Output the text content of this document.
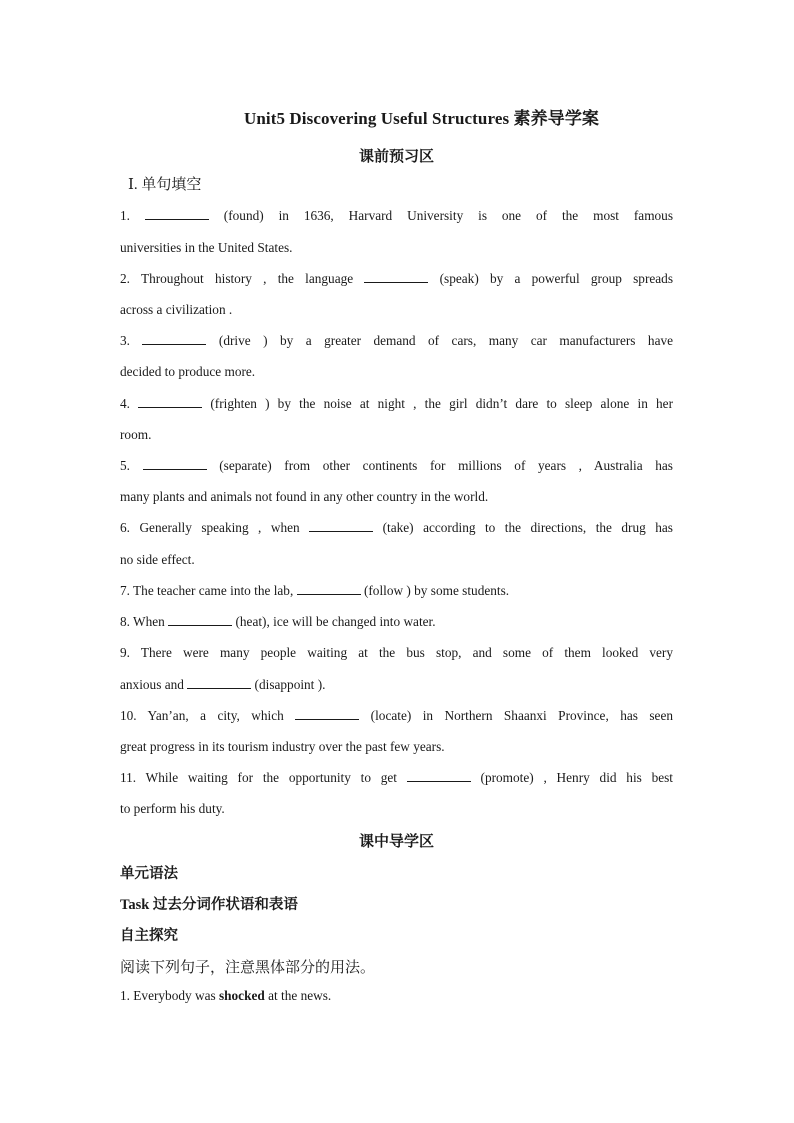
Unit5 Discovering Useful Structures 素养导学案
课前预习区
Ⅰ. 单句填空
1.	(found) in 1636, Harvard University is one of the most famous
universities in the United States.
2. Throughout history , the language	(speak) by a powerful group spreads
across a civilization .
3.	(drive ) by a greater demand of cars, many car manufacturers have
decided to produce more.
4.	(frighten ) by the noise at night , the girl didn’t dare to sleep alone in her
room.
5.	(separate) from other continents for millions of years , Australia has
many plants and animals not found in any other country in the world.
6. Generally speaking , when	(take) according to the directions, the drug has
no side effect.
7. The teacher came into the lab,	(follow ) by some students.
8. When	(heat), ice will be changed into water.
9. There were many people waiting at the bus stop, and some of them looked very
anxious and	(disappoint ).
10. Yan’an, a city, which	(locate) in Northern Shaanxi Province, has seen
great progress in its tourism industry over the past few years.
11. While waiting for the opportunity to get	(promote) , Henry did his best
to perform his duty.
课中导学区
单元语法
Task 过去分词作状语和表语
自主探究
阅读下列句子，注意黑体部分的用法。
1. Everybody was shocked at the news.
